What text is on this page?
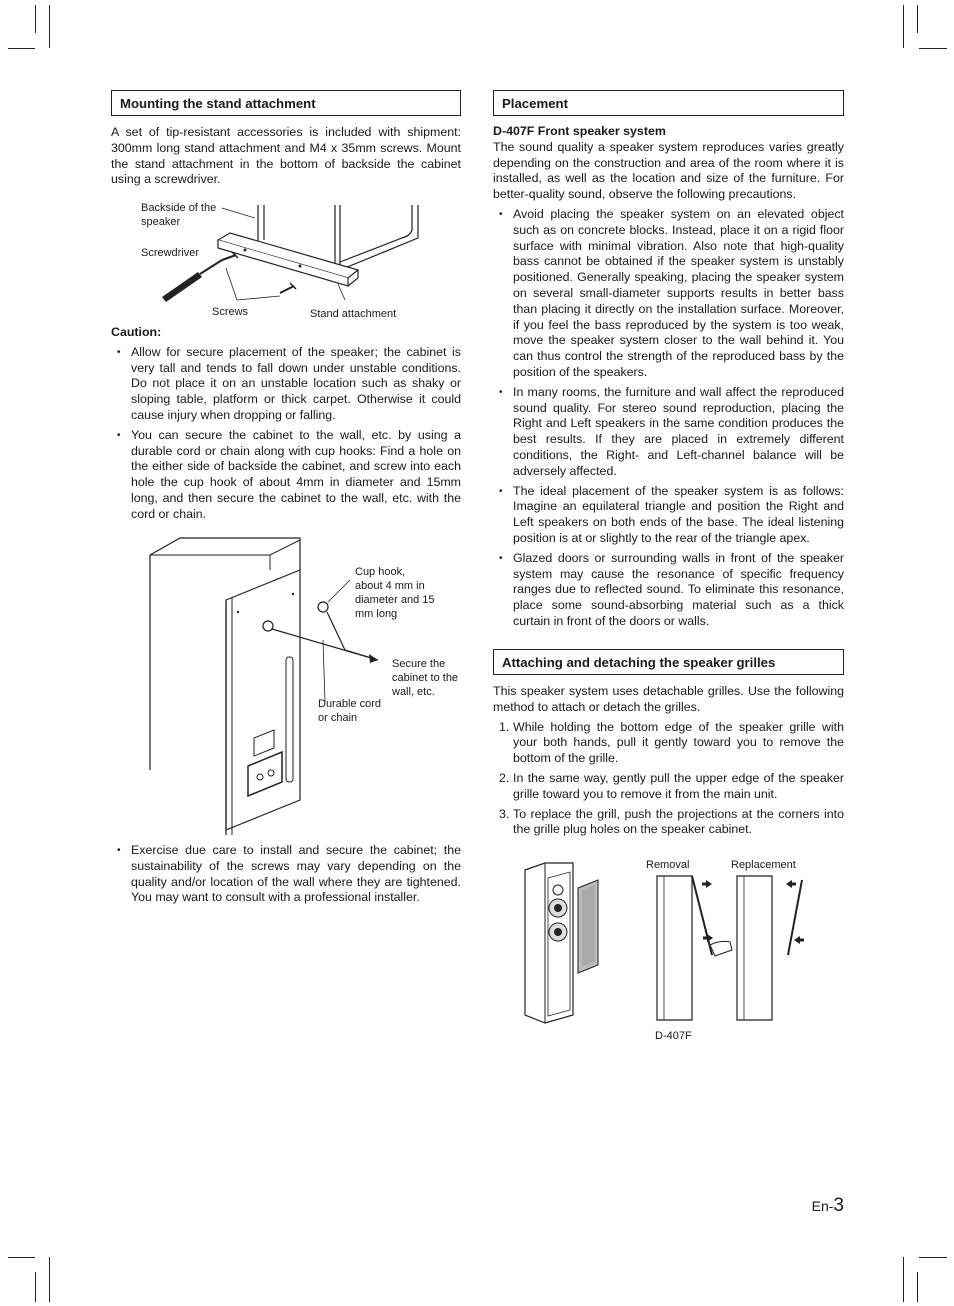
Mounting the stand attachment

A set of tip-resistant accessories is included with shipment: 300mm long stand attachment and M4 x 35mm screws. Mount the stand attachment in the bottom of backside the cabinet using a screwdriver.

Backside of the speaker
Screwdriver
Screws	Stand attachment

Caution:

• Allow for secure placement of the speaker; the cabinet is very tall and tends to fall down under unstable conditions. Do not place it on an unstable location such as shaky or sloping table, platform or thick carpet. Otherwise it could cause injury when dropping or falling.
• You can secure the cabinet to the wall, etc. by using a durable cord or chain along with cup hooks: Find a hole on the either side of backside the cabinet, and screw into each hole the cup hook of about 4mm in diameter and 15mm long, and then secure the cabinet to the wall, etc. with the cord or chain.
Cup hook, about 4 mm in diameter and 15 mm long
Secure the cabinet to the wall, etc.
Durable cord or chain
• Exercise due care to install and secure the cabinet; the sustainability of the screws may vary depending on the quality and/or location of the wall where they are tightened. You may want to consult with a professional installer.
Placement

D-407F Front speaker system

The sound quality a speaker system reproduces varies greatly depending on the construction and area of the room where it is installed, as well as the location and size of the furniture. For better-quality sound, observe the following precautions.

• Avoid placing the speaker system on an elevated object such as on concrete blocks. Instead, place it on a rigid floor surface with minimal vibration. Also note that high-quality bass cannot be obtained if the speaker system is unstably positioned. Generally speaking, placing the speaker system on several small-diameter supports results in better bass than placing it directly on the installation surface. Moreover, if you feel the bass reproduced by the system is too weak, move the speaker system closer to the wall behind it. You can thus control the strength of the reproduced bass by the position of the speakers.
• In many rooms, the furniture and wall affect the reproduced sound quality. For stereo sound reproduction, placing the Right and Left speakers in the same condition produces the best results. If they are placed in extremely different conditions, the Right- and Left-channel balance will be adversely affected.
• The ideal placement of the speaker system is as follows: Imagine an equilateral triangle and position the Right and Left speakers on both ends of the base. The ideal listening position is at or slightly to the rear of the triangle apex.
• Glazed doors or surrounding walls in front of the speaker system may cause the resonance of specific frequency ranges due to reflected sound. To eliminate this resonance, place some sound-absorbing material such as a thick curtain in front of the doors or walls.
Attaching and detaching the speaker grilles

This speaker system uses detachable grilles. Use the following method to attach or detach the grilles.

1. While holding the bottom edge of the speaker grille with your both hands, pull it gently toward you to remove the bottom of the grille.
2. In the same way, gently pull the upper edge of the speaker grille toward you to remove it from the main unit.
3. To replace the grill, push the projections at the corners into the grille plug holes on the speaker cabinet.
Removal	Replacement
D-407F
En-3
